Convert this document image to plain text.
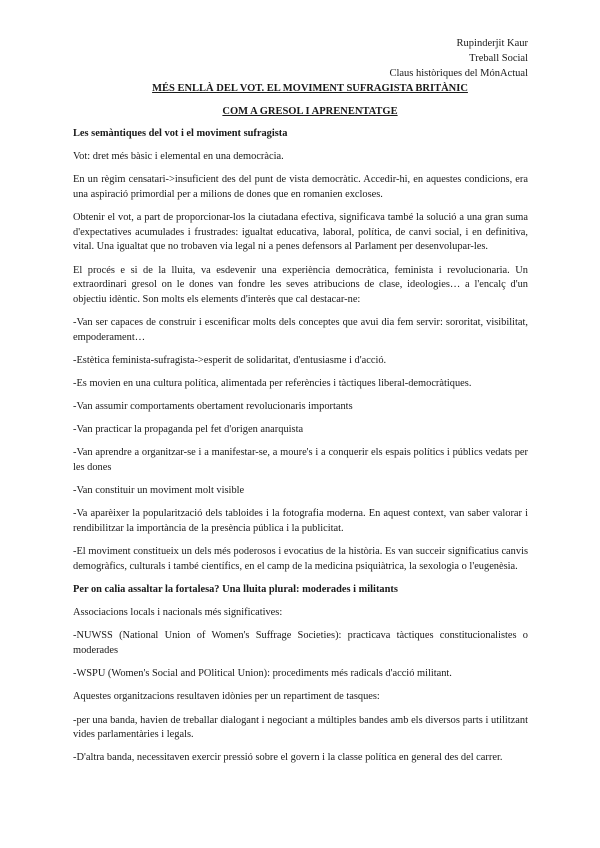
Rupinderjit Kaur
Treball Social
Claus històriques del MónActual
MÉS ENLLÀ DEL VOT. EL MOVIMENT SUFRAGISTA BRITÀNIC
COM A GRESOL I APRENENTATGE

Les semàntiques del vot i el moviment sufragista

Vot: dret més bàsic i elemental en una democràcia.

En un règim censatari->insuficient des del punt de vista democràtic. Accedir-hi, en aquestes condicions, era una aspiració primordial per a milions de dones que en romanien excloses.

Obtenir el vot, a part de proporcionar-los la ciutadana efectiva, significava també la solució a una gran suma d'expectatives acumulades i frustrades: igualtat educativa, laboral, política, de canvi social, i en definitiva, vital. Una igualtat que no trobaven via legal ni a penes defensors al Parlament per desenvolupar-les.

El procés e si de la lluita, va esdevenir una experiència democràtica, feminista i revolucionaria. Un extraordinari gresol on le dones van fondre les seves atribucions de clase, ideologies… a l'encalç d'un objectiu idèntic. Son molts els elements d'interès que cal destacar-ne:

-Van ser capaces de construir i escenificar molts dels conceptes que avui dia fem servir: sororitat, visibilitat, empoderament…

-Estètica feminista-sufragista->esperit de solidaritat, d'entusiasme i d'acció.

-Es movien en una cultura política, alimentada per referències i tàctiques liberal-democràtiques.

-Van assumir comportaments obertament revolucionaris importants

-Van practicar la propaganda pel fet d'origen anarquista

-Van aprendre a organitzar-se i a manifestar-se, a moure's i a conquerir els espais polítics i públics vedats per les dones

-Van constituir un moviment molt visible

-Va aparèixer la popularització dels tabloides i la fotografia moderna. En aquest context, van saber valorar i rendibilitzar la importància de la presència pública i la publicitat.

-El moviment constitueix un dels més poderosos i evocatius de la història. Es van succeir significatius canvis demogràfics, culturals i també científics, en el camp de la medicina psiquiàtrica, la sexologia o l'eugenèsia.

Per on calia assaltar la fortalesa? Una lluita plural: moderades i militants

Associacions locals i nacionals més significatives:

-NUWSS (National Union of Women's Suffrage Societies): practicava tàctiques constitucionalistes o moderades

-WSPU (Women's Social and POlitical Union): procediments més radicals d'acció militant.

Aquestes organitzacions resultaven idònies per un repartiment de tasques:

-per una banda, havien de treballar dialogant i negociant a múltiples bandes amb els diversos parts i utilitzant vides parlamentàries i legals.

-D'altra banda, necessitaven exercir pressió sobre el govern i la classe política en general des del carrer.
